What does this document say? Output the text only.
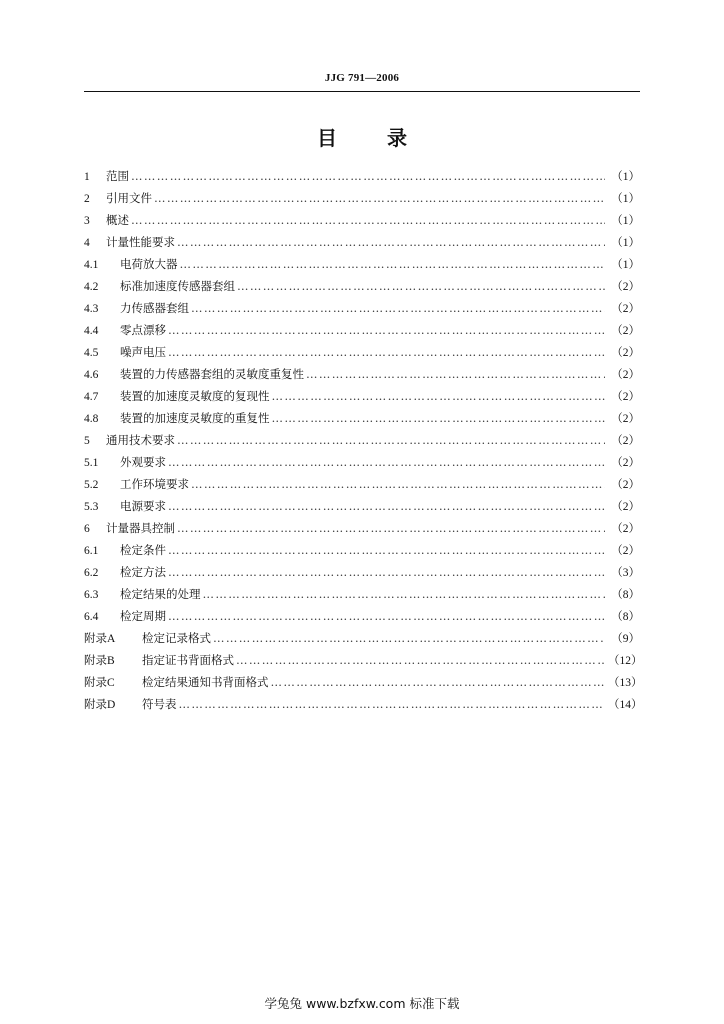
JJG 791—2006
目	录
1	范围 ……………………………………………………………………………………………………………………………………………………………………………………………………	（1）
2	引用文件 ……………………………………………………………………………………………………………………………………………………………………………………………………	（1）
3	概述 ……………………………………………………………………………………………………………………………………………………………………………………………………	（1）
4	计量性能要求 ……………………………………………………………………………………………………………………………………………………………………………………………………	（1）
4.1	电荷放大器 ……………………………………………………………………………………………………………………………………………………………………………………………………	（1）
4.2	标准加速度传感器套组 ……………………………………………………………………………………………………………………………………………………………………………………………………	（2）
4.3	力传感器套组 ……………………………………………………………………………………………………………………………………………………………………………………………………	（2）
4.4	零点漂移 ……………………………………………………………………………………………………………………………………………………………………………………………………	（2）
4.5	噪声电压 ……………………………………………………………………………………………………………………………………………………………………………………………………	（2）
4.6	装置的力传感器套组的灵敏度重复性 ……………………………………………………………………………………………………………………………………………………………………………………………………	（2）
4.7	装置的加速度灵敏度的复现性 ……………………………………………………………………………………………………………………………………………………………………………………………………	（2）
4.8	装置的加速度灵敏度的重复性 ……………………………………………………………………………………………………………………………………………………………………………………………………	（2）
5	通用技术要求 ……………………………………………………………………………………………………………………………………………………………………………………………………	（2）
5.1	外观要求 ……………………………………………………………………………………………………………………………………………………………………………………………………	（2）
5.2	工作环境要求 ……………………………………………………………………………………………………………………………………………………………………………………………………	（2）
5.3	电源要求 ……………………………………………………………………………………………………………………………………………………………………………………………………	（2）
6	计量器具控制 ……………………………………………………………………………………………………………………………………………………………………………………………………	（2）
6.1	检定条件 ……………………………………………………………………………………………………………………………………………………………………………………………………	（2）
6.2	检定方法 ……………………………………………………………………………………………………………………………………………………………………………………………………	（3）
6.3	检定结果的处理 ……………………………………………………………………………………………………………………………………………………………………………………………………	（8）
6.4	检定周期 ……………………………………………………………………………………………………………………………………………………………………………………………………	（8）
附录A	检定记录格式 ……………………………………………………………………………………………………………………………………………………………………………………………………	（9）
附录B	指定证书背面格式 ……………………………………………………………………………………………………………………………………………………………………………………………………	（12）
附录C	检定结果通知书背面格式 ……………………………………………………………………………………………………………………………………………………………………………………………………	（13）
附录D	符号表 ……………………………………………………………………………………………………………………………………………………………………………………………………	（14）
学兔兔 www.bzfxw.com 标准下载
